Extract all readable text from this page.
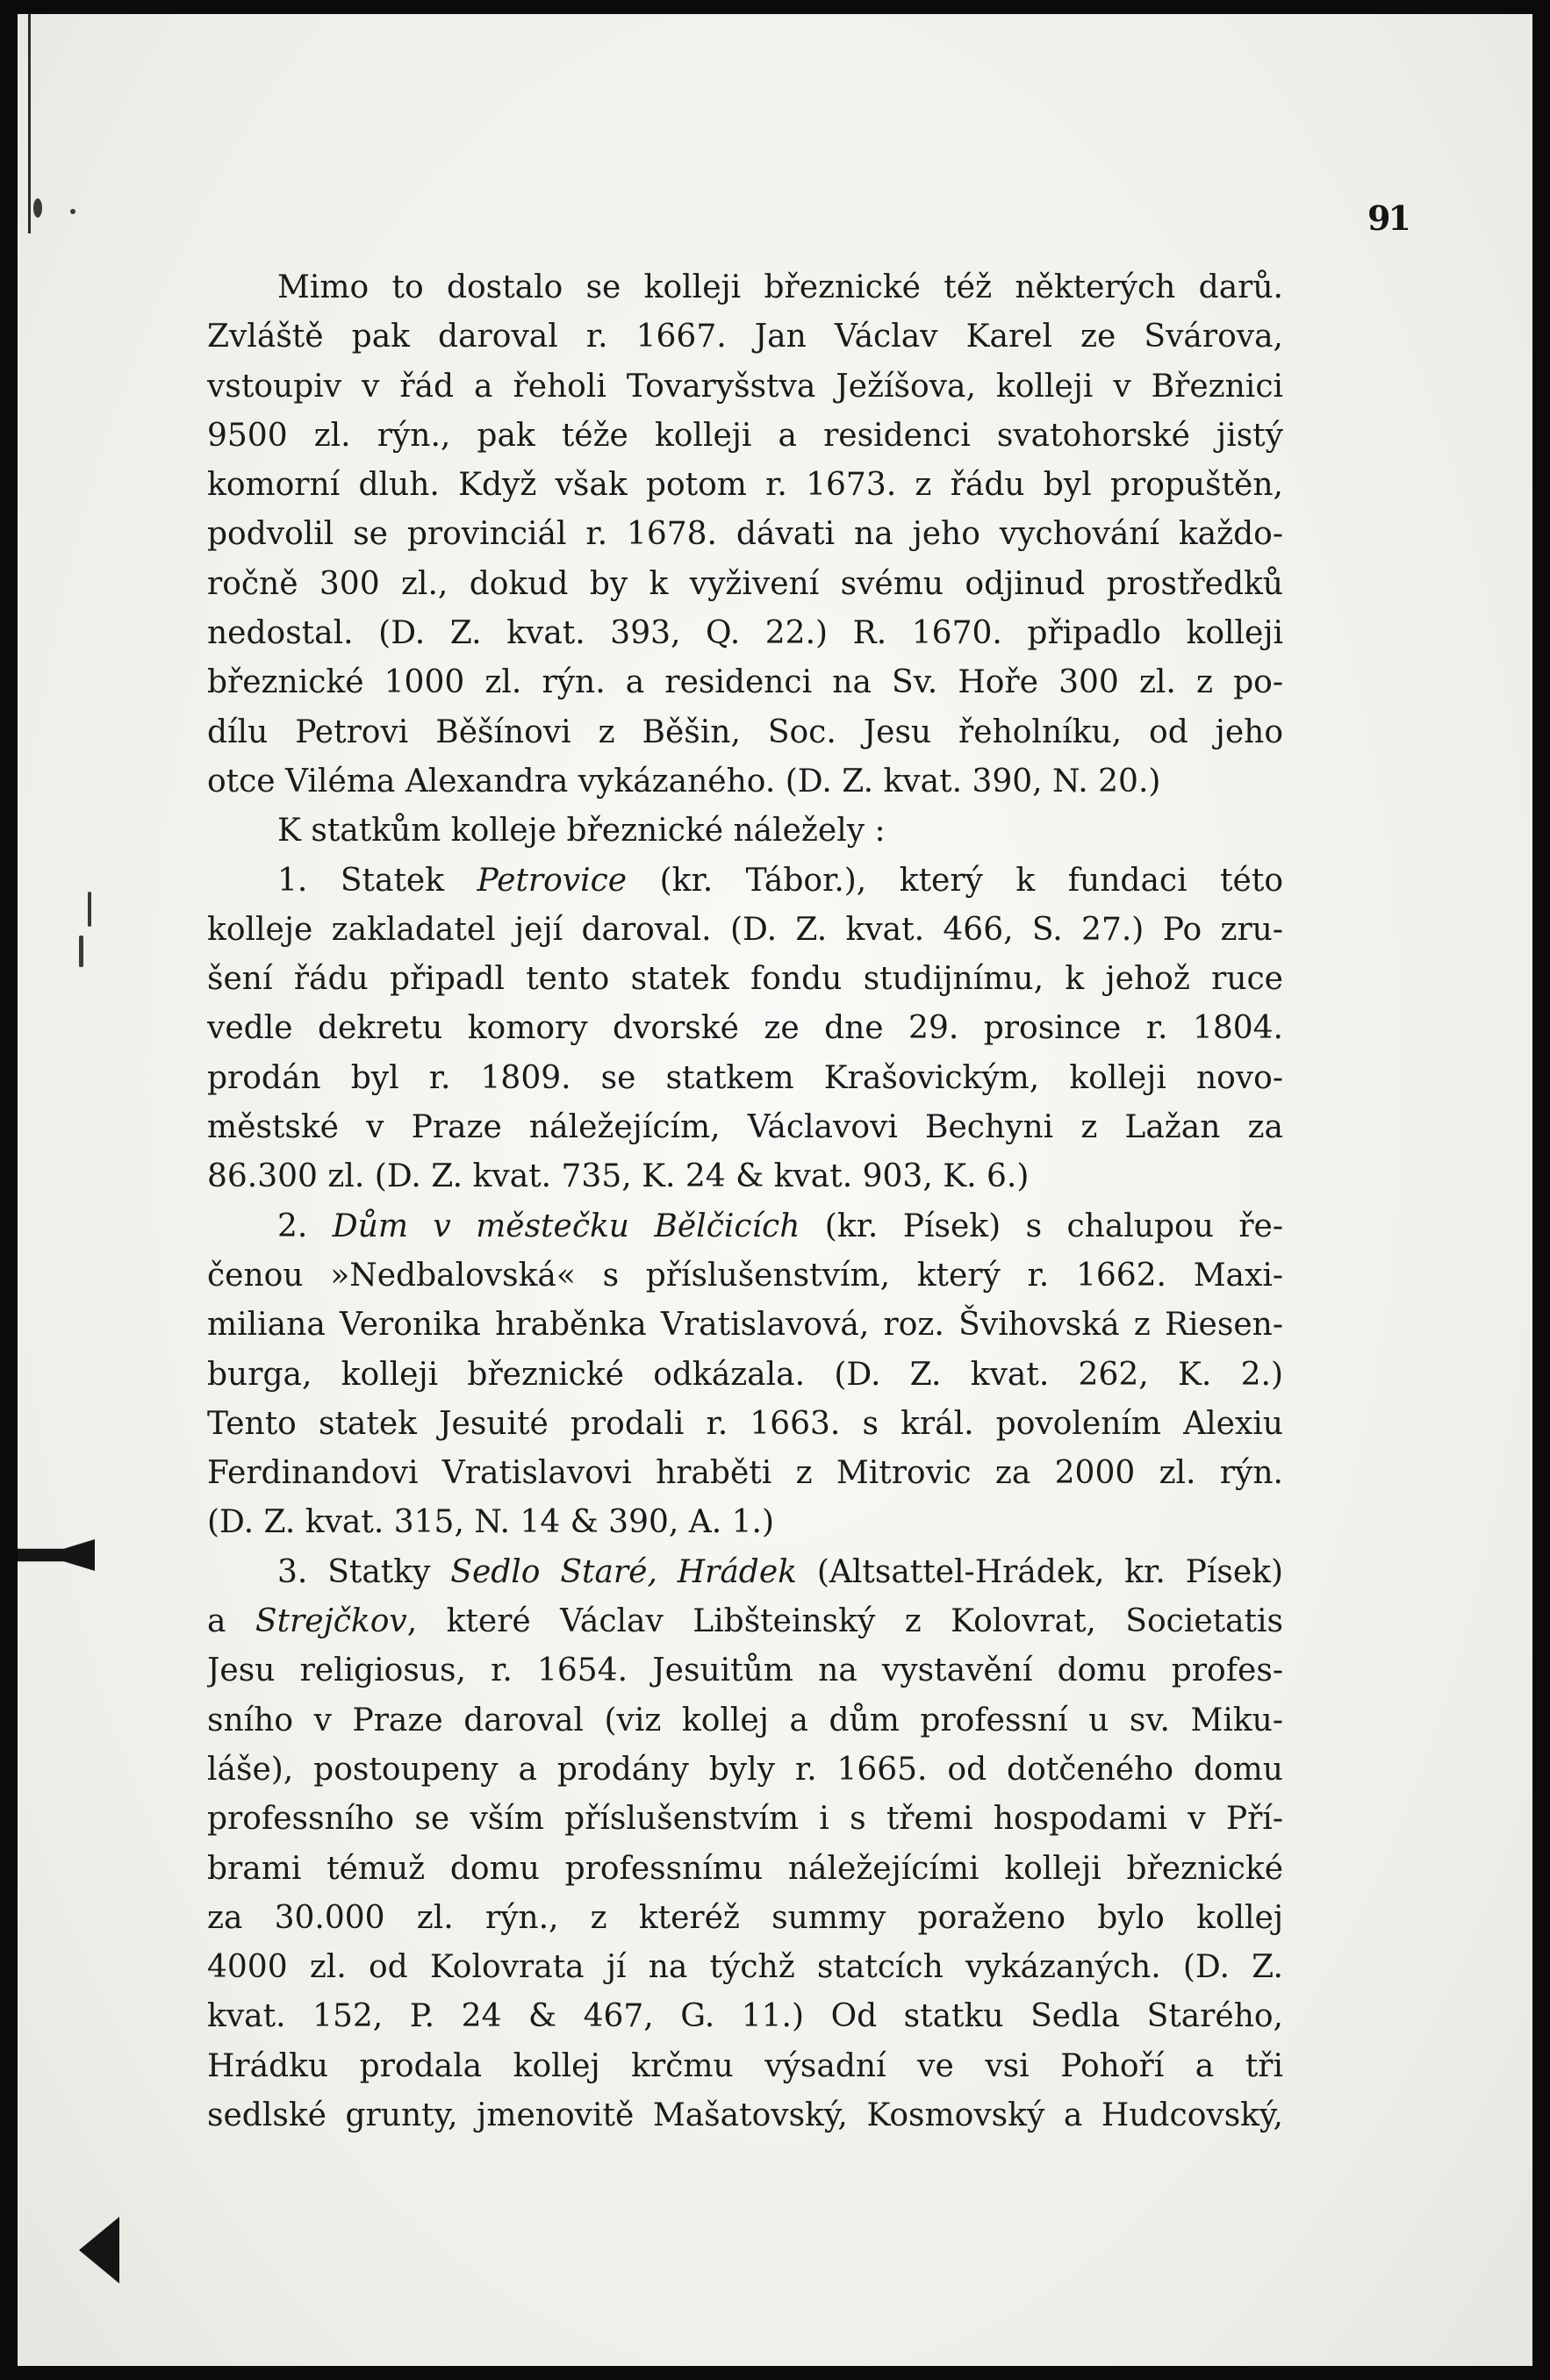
91
Mimo to dostalo se kolleji březnické též některých darů.
Zvláště pak daroval r. 1667. Jan Václav Karel ze Svárova,
vstoupiv v řád a řeholi Tovaryšstva Ježíšova, kolleji v Březnici
9500 zl. rýn., pak téže kolleji a residenci svatohorské jistý
komorní dluh. Když však potom r. 1673. z řádu byl propuštěn,
podvolil se provinciál r. 1678. dávati na jeho vychování každo-
ročně 300 zl., dokud by k vyživení svému odjinud prostředků
nedostal. (D. Z. kvat. 393, Q. 22.) R. 1670. připadlo kolleji
březnické 1000 zl. rýn. a residenci na Sv. Hoře 300 zl. z po-
dílu Petrovi Běšínovi z Běšin, Soc. Jesu řeholníku, od jeho
otce Viléma Alexandra vykázaného. (D. Z. kvat. 390, N. 20.)
K statkům kolleje březnické náležely :
1. Statek Petrovice (kr. Tábor.), který k fundaci této
kolleje zakladatel její daroval. (D. Z. kvat. 466, S. 27.) Po zru-
šení řádu připadl tento statek fondu studijnímu, k jehož ruce
vedle dekretu komory dvorské ze dne 29. prosince r. 1804.
prodán byl r. 1809. se statkem Krašovickým, kolleji novo-
městské v Praze náležejícím, Václavovi Bechyni z Lažan za
86.300 zl. (D. Z. kvat. 735, K. 24 & kvat. 903, K. 6.)
2. Dům v městečku Bělčicích (kr. Písek) s chalupou ře-
čenou »Nedbalovská« s příslušenstvím, který r. 1662. Maxi-
miliana Veronika hraběnka Vratislavová, roz. Švihovská z Riesen-
burga, kolleji březnické odkázala. (D. Z. kvat. 262, K. 2.)
Tento statek Jesuité prodali r. 1663. s král. povolením Alexiu
Ferdinandovi Vratislavovi hraběti z Mitrovic za 2000 zl. rýn.
(D. Z. kvat. 315, N. 14 & 390, A. 1.)
3. Statky Sedlo Staré, Hrádek (Altsattel-Hrádek, kr. Písek)
a Strejčkov, které Václav Libšteinský z Kolovrat, Societatis
Jesu religiosus, r. 1654. Jesuitům na vystavění domu profes-
sního v Praze daroval (viz kollej a dům professní u sv. Miku-
láše), postoupeny a prodány byly r. 1665. od dotčeného domu
professního se vším příslušenstvím i s třemi hospodami v Pří-
brami témuž domu professnímu náležejícími kolleji březnické
za 30.000 zl. rýn., z kteréž summy poraženo bylo kollej
4000 zl. od Kolovrata jí na týchž statcích vykázaných. (D. Z.
kvat. 152, P. 24 & 467, G. 11.) Od statku Sedla Starého,
Hrádku prodala kollej krčmu výsadní ve vsi Pohoří a tři
sedlské grunty, jmenovitě Mašatovský, Kosmovský a Hudcovský,
